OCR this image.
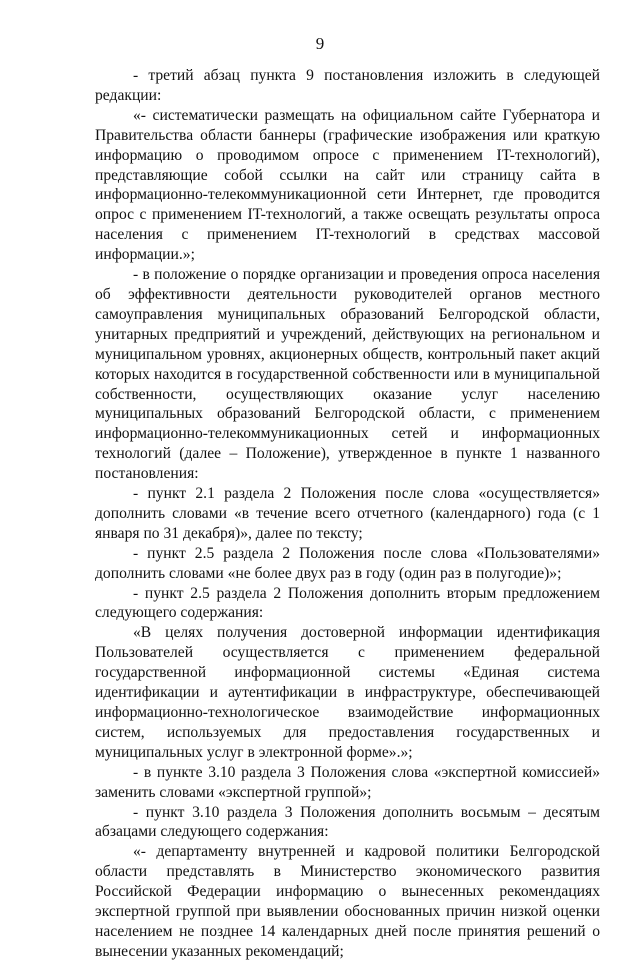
9

- третий абзац пункта 9 постановления изложить в следующей редакции:

«- систематически размещать на официальном сайте Губернатора и Правительства области баннеры (графические изображения или краткую информацию о проводимом опросе с применением IT-технологий), представляющие собой ссылки на сайт или страницу сайта в информационно-телекоммуникационной сети Интернет, где проводится опрос с применением IT-технологий, а также освещать результаты опроса населения с применением IT-технологий в средствах массовой информации.»;

- в положение о порядке организации и проведения опроса населения об эффективности деятельности руководителей органов местного самоуправления муниципальных образований Белгородской области, унитарных предприятий и учреждений, действующих на региональном и муниципальном уровнях, акционерных обществ, контрольный пакет акций которых находится в государственной собственности или в муниципальной собственности, осуществляющих оказание услуг населению муниципальных образований Белгородской области, с применением информационно-телекоммуникационных сетей и информационных технологий (далее – Положение), утвержденное в пункте 1 названного постановления:

- пункт 2.1 раздела 2 Положения после слова «осуществляется» дополнить словами «в течение всего отчетного (календарного) года (с 1 января по 31 декабря)», далее по тексту;

- пункт 2.5 раздела 2 Положения после слова «Пользователями» дополнить словами «не более двух раз в году (один раз в полугодие)»;

- пункт 2.5 раздела 2 Положения дополнить вторым предложением следующего содержания:

«В целях получения достоверной информации идентификация Пользователей осуществляется с применением федеральной государственной информационной системы «Единая система идентификации и аутентификации в инфраструктуре, обеспечивающей информационно-технологическое взаимодействие информационных систем, используемых для предоставления государственных и муниципальных услуг в электронной форме».»;

- в пункте 3.10 раздела 3 Положения слова «экспертной комиссией» заменить словами «экспертной группой»;

- пункт 3.10 раздела 3 Положения дополнить восьмым – десятым абзацами следующего содержания:

«- департаменту внутренней и кадровой политики Белгородской области представлять в Министерство экономического развития Российской Федерации информацию о вынесенных рекомендациях экспертной группой при выявлении обоснованных причин низкой оценки населением не позднее 14 календарных дней после принятия решений о вынесении указанных рекомендаций;
